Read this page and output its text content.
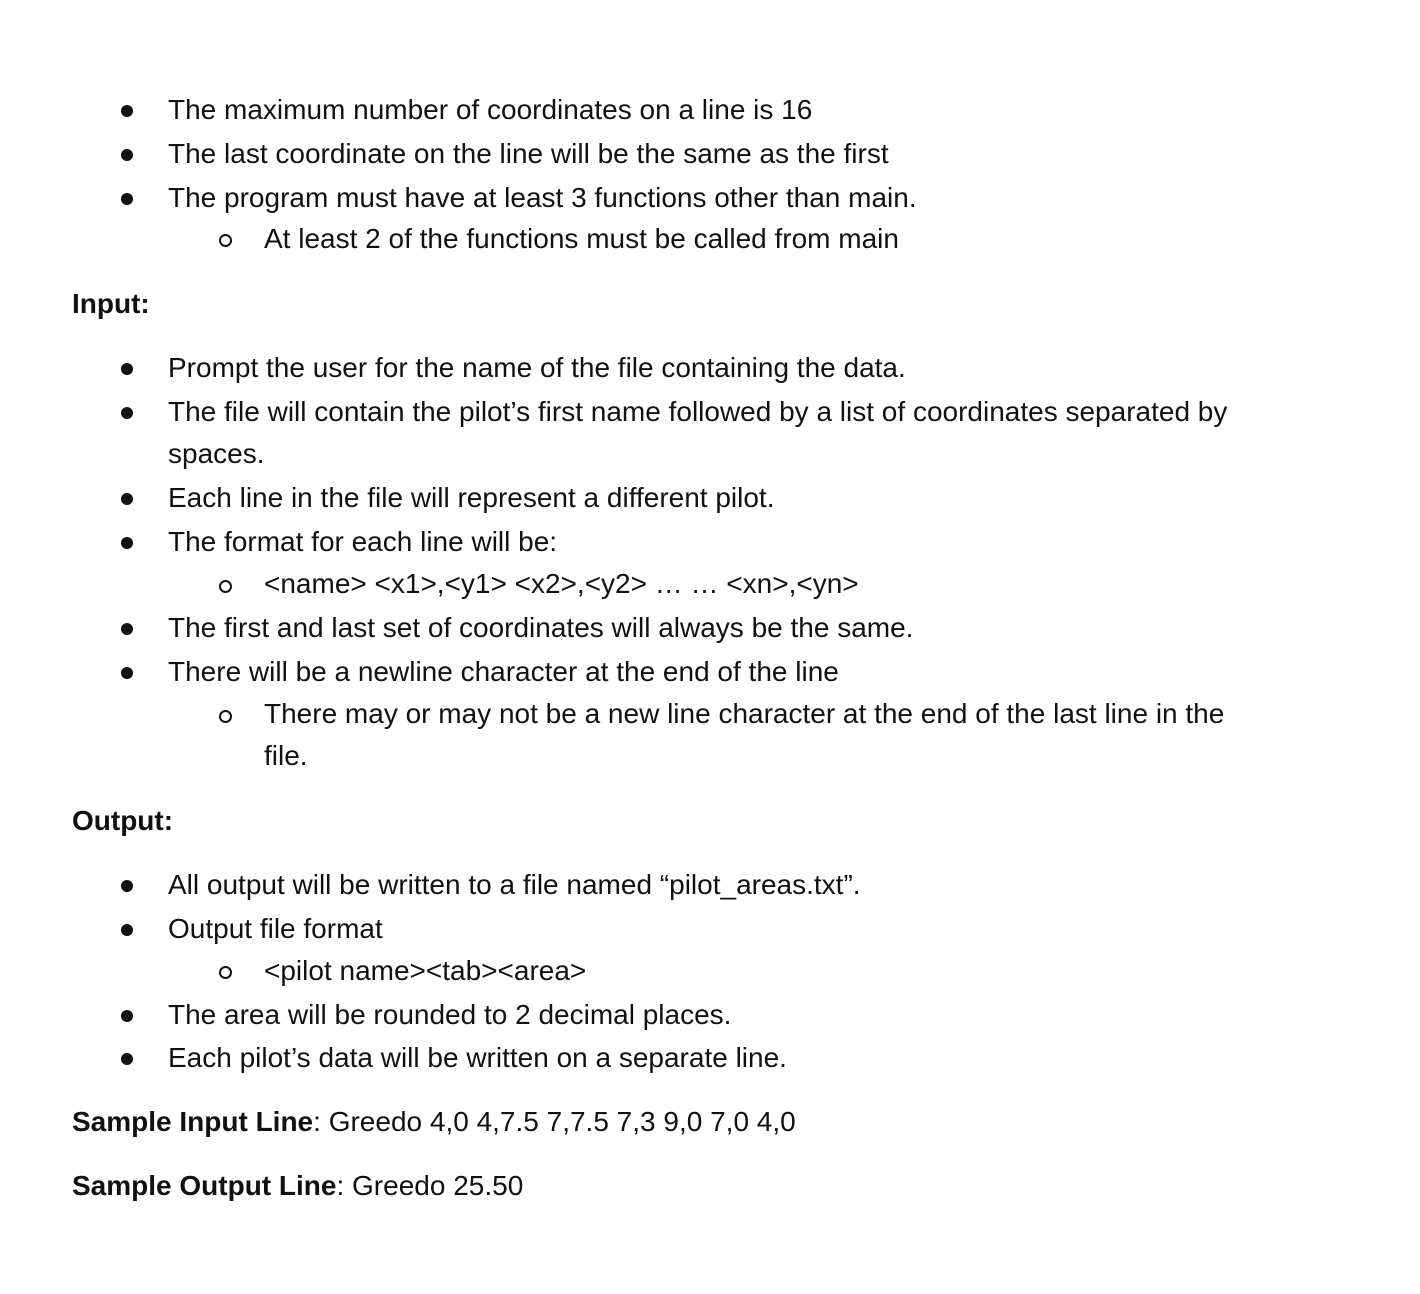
The maximum number of coordinates on a line is 16
The last coordinate on the line will be the same as the first
The program must have at least 3 functions other than main.
At least 2 of the functions must be called from main
Input:
Prompt the user for the name of the file containing the data.
The file will contain the pilot’s first name followed by a list of coordinates separated by
spaces.
Each line in the file will represent a different pilot.
The format for each line will be:
<name> <x1>,<y1> <x2>,<y2> … … <xn>,<yn>
The first and last set of coordinates will always be the same.
There will be a newline character at the end of the line
There may or may not be a new line character at the end of the last line in the
file.
Output:
All output will be written to a file named “pilot_areas.txt”.
Output file format
<pilot name><tab><area>
The area will be rounded to 2 decimal places.
Each pilot’s data will be written on a separate line.
Sample Input Line: Greedo 4,0 4,7.5 7,7.5 7,3 9,0 7,0 4,0
Sample Output Line: Greedo 25.50
